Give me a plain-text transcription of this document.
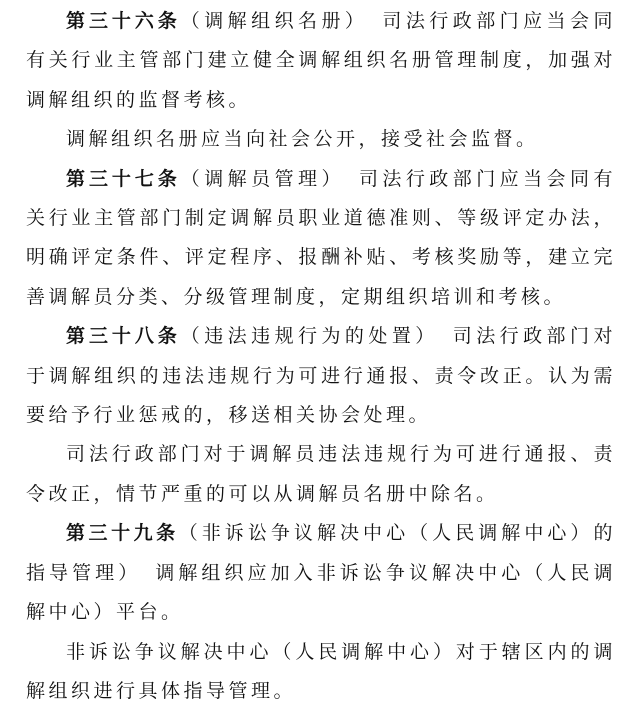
第三十六条（调解组织名册） 司法行政部门应当会同有关行业主管部门建立健全调解组织名册管理制度，加强对调解组织的监督考核。

调解组织名册应当向社会公开，接受社会监督。

第三十七条（调解员管理） 司法行政部门应当会同有关行业主管部门制定调解员职业道德准则、等级评定办法，明确评定条件、评定程序、报酬补贴、考核奖励等，建立完善调解员分类、分级管理制度，定期组织培训和考核。

第三十八条（违法违规行为的处置） 司法行政部门对于调解组织的违法违规行为可进行通报、责令改正。认为需要给予行业惩戒的，移送相关协会处理。

司法行政部门对于调解员违法违规行为可进行通报、责令改正，情节严重的可以从调解员名册中除名。

第三十九条（非诉讼争议解决中心（人民调解中心）的指导管理） 调解组织应加入非诉讼争议解决中心（人民调解中心）平台。

非诉讼争议解决中心（人民调解中心）对于辖区内的调解组织进行具体指导管理。
